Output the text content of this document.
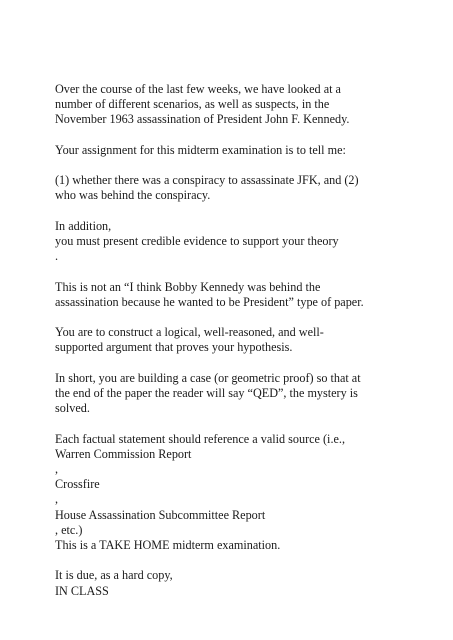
Over the course of the last few weeks, we have looked at a
number of different scenarios, as well as suspects, in the
November 1963 assassination of President John F. Kennedy.

Your assignment for this midterm examination is to tell me:

(1) whether there was a conspiracy to assassinate JFK, and (2)
who was behind the conspiracy.

In addition,
you must present credible evidence to support your theory
.

This is not an “I think Bobby Kennedy was behind the
assassination because he wanted to be President” type of paper.

You are to construct a logical, well-reasoned, and well-
supported argument that proves your hypothesis.

In short, you are building a case (or geometric proof) so that at
the end of the paper the reader will say “QED”, the mystery is
solved.

Each factual statement should reference a valid source (i.e.,
Warren Commission Report
,
Crossfire
,
House Assassination Subcommittee Report
, etc.)
This is a TAKE HOME midterm examination.

It is due, as a hard copy,
IN CLASS
